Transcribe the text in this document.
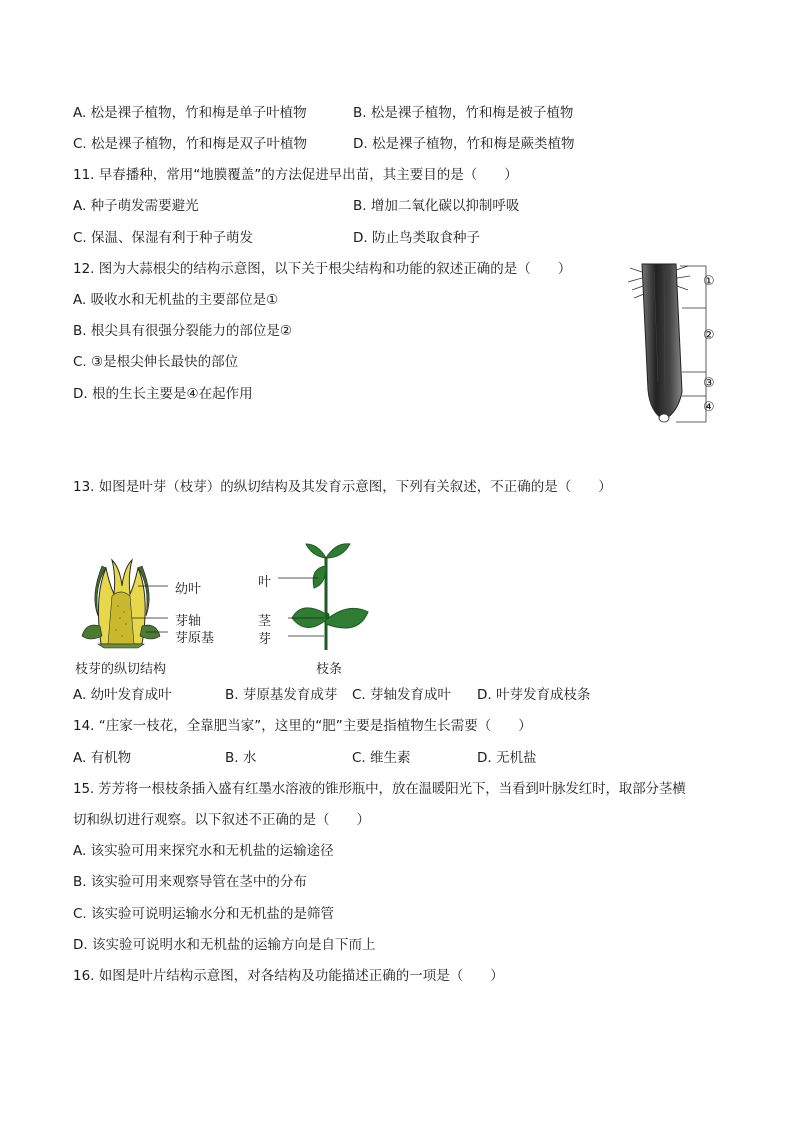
A. 松是裸子植物，竹和梅是单子叶植物	B. 松是裸子植物，竹和梅是被子植物
C. 松是裸子植物，竹和梅是双子叶植物	D. 松是裸子植物，竹和梅是蕨类植物
11. 早春播种，常用“地膜覆盖”的方法促进早出苗，其主要目的是（　　）
A. 种子萌发需要避光	B. 增加二氧化碳以抑制呼吸
C. 保温、保湿有利于种子萌发	D. 防止鸟类取食种子
12. 图为大蒜根尖的结构示意图，以下关于根尖结构和功能的叙述正确的是（　　）
A. 吸收水和无机盐的主要部位是①
B. 根尖具有很强分裂能力的部位是②
C. ③是根尖伸长最快的部位
D. 根的生长主要是④在起作用
①
②
③
④
13. 如图是叶芽（枝芽）的纵切结构及其发育示意图，下列有关叙述，不正确的是（　　）
幼叶
芽轴
芽原基
枝芽的纵切结构
叶
茎
芽
枝条
A. 幼叶发育成叶	B. 芽原基发育成芽 C. 芽轴发育成叶 D. 叶芽发育成枝条
14. “庄家一枝花，全靠肥当家”，这里的“肥”主要是指植物生长需要（　　）
A. 有机物	B. 水	C. 维生素	D. 无机盐
15. 芳芳将一根枝条插入盛有红墨水溶液的锥形瓶中，放在温暖阳光下，当看到叶脉发红时，取部分茎横
切和纵切进行观察。以下叙述不正确的是（　　）
A. 该实验可用来探究水和无机盐的运输途径
B. 该实验可用来观察导管在茎中的分布
C. 该实验可说明运输水分和无机盐的是筛管
D. 该实验可说明水和无机盐的运输方向是自下而上
16. 如图是叶片结构示意图，对各结构及功能描述正确的一项是（　　）
